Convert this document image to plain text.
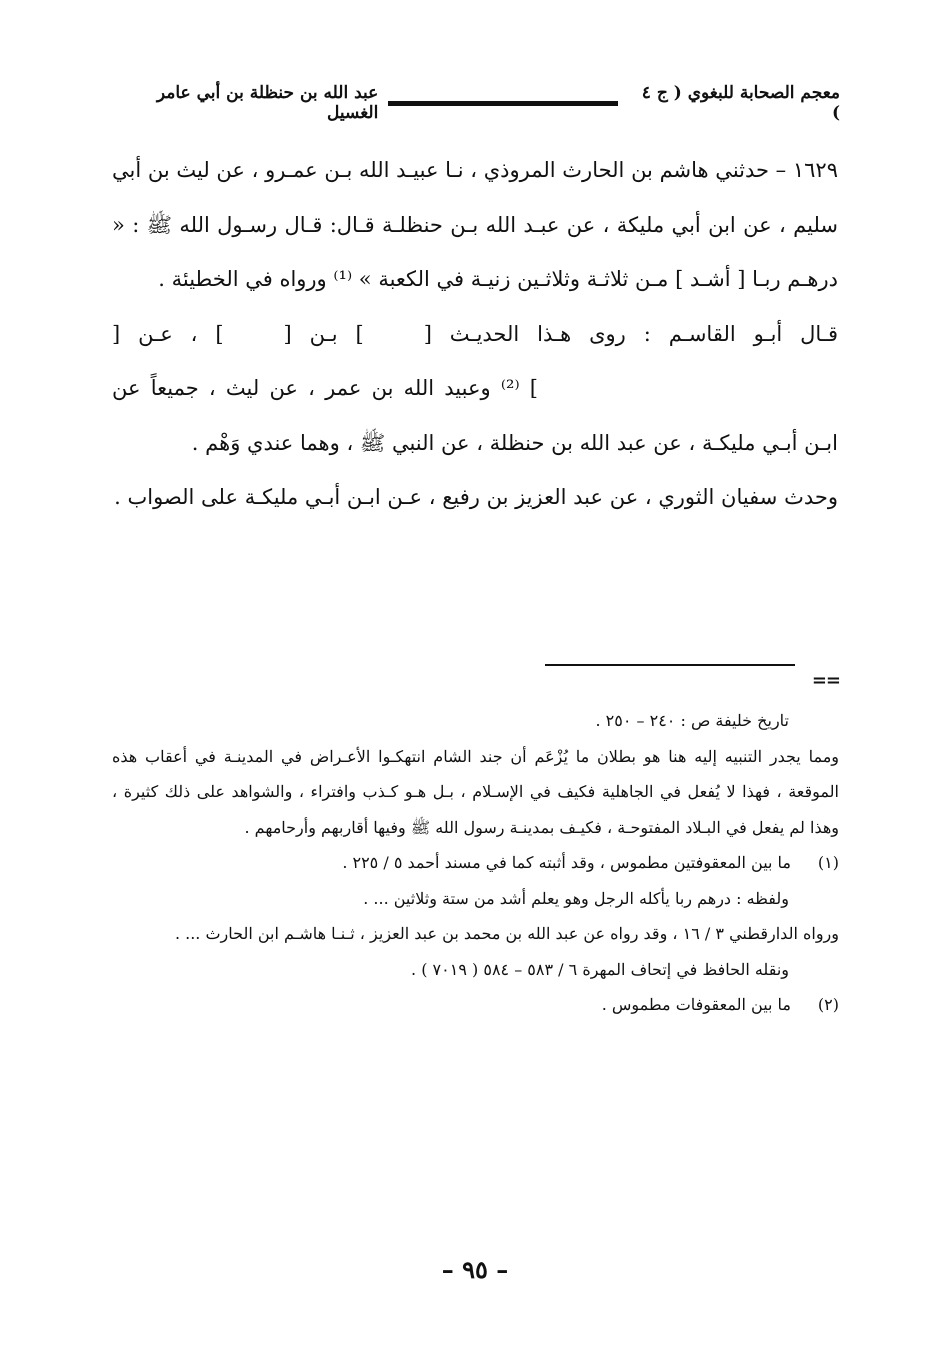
معجم الصحابة للبغوي ( ج ٤ )
عبد الله بن حنظلة بن أبي عامر الغسيل

١٦٢٩ – حدثني هاشم بن الحارث المروذي ، نـا عبيـد الله بـن عمـرو ، عن ليث بن أبي سليم ، عن ابن أبي مليكة ، عن عبـد الله بـن حنظلـة قـال: قـال رسـول الله ﷺ : « درهـم ربـا [ أشـد ] مـن ثلاثـة وثلاثـين زنيـة في الكعبة » ⁽¹⁾ ورواه في الخطيئة .

قـال أبـو القاسـم : روى هـذا الحديـث [] بـن [] ، عـن [] ⁽²⁾ وعبيد الله بن عمر ، عن ليث ، جميعاً عن ابـن أبـي مليكـة ، عن عبد الله بن حنظلة ، عن النبي ﷺ ، وهما عندي وَهْم .

وحدث سفيان الثوري ، عن عبد العزيز بن رفيع ، عـن ابـن أبـي مليكـة على الصواب .

==

تاريخ خليفة ص : ٢٤٠ – ٢٥٠ .

ومما يجدر التنبيه إليه هنا هو بطلان ما يُزْعَم أن جند الشام انتهكـوا الأعـراض في المدينـة في أعقاب هذه الموقعة ، فهذا لا يُفعل في الجاهلية فكيف في الإسـلام ، بـل هـو كـذب وافتراء ، والشواهد على ذلك كثيرة ، وهذا لم يفعل في البـلاد المفتوحـة ، فكيـف بمدينـة رسول الله ﷺ وفيها أقاربهم وأرحامهم .

(١)ما بين المعقوفتين مطموس ، وقد أثبته كما في مسند أحمد ٥ / ٢٢٥ .

ولفظه : درهم ربا يأكله الرجل وهو يعلم أشد من ستة وثلاثين ... .

ورواه الدارقطني ٣ / ١٦ ، وقد رواه عن عبد الله بن محمد بن عبد العزيز ، ثـنـا هاشـم ابن الحارث ... .

ونقله الحافظ في إتحاف المهرة ٦ / ٥٨٣ – ٥٨٤ ( ٧٠١٩ ) .

(٢)ما بين المعقوفات مطموس .

– ٩٥ –
